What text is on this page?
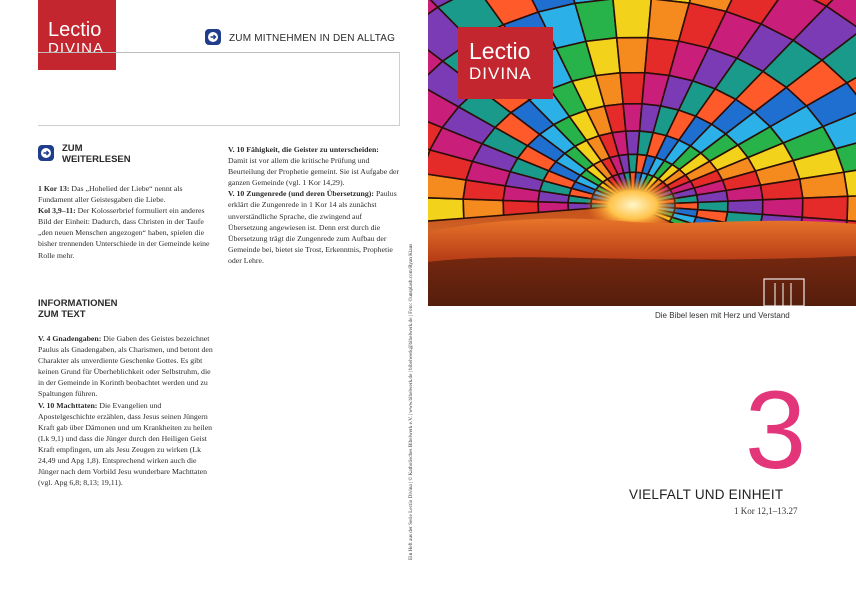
Lectio
DIVINA
ZUM MITNEHMEN IN DEN ALLTAG
ZUM
WEITERLESEN
1 Kor 13: Das „Hohelied der Liebe“ nennt als Fundament aller Geistesgaben die Liebe.
Kol 3,9–11: Der Kolosserbrief formuliert ein anderes Bild der Einheit: Dadurch, dass Christen in der Taufe „den neuen Menschen angezogen“ haben, spielen die bisher trennenden Unterschiede in der Gemeinde keine Rolle mehr.
INFORMATIONEN
ZUM TEXT
V. 4 Gnadengaben: Die Gaben des Geistes bezeichnet Paulus als Gnadengaben, als Charismen, und betont den Charakter als unverdiente Geschenke Gottes. Es gibt keinen Grund für Überheblichkeit oder Selbstruhm, die in der Gemeinde in Korinth beobachtet werden und zu Spaltungen führen.
V. 10 Machttaten: Die Evangelien und Apostelgeschichte erzählen, dass Jesus seinen Jüngern Kraft gab über Dämonen und um Krankheiten zu heilen (Lk 9,1) und dass die Jünger durch den Heiligen Geist Kraft empfingen, um als Jesu Zeugen zu wirken (Lk 24,49 und Apg 1,8). Entsprechend wirken auch die Jünger nach dem Vorbild Jesu wunderbare Machttaten (vgl. Apg 6,8; 8,13; 19,11).
V. 10 Fähigkeit, die Geister zu unterscheiden: Damit ist vor allem die kritische Prüfung und Beurteilung der Prophetie gemeint. Sie ist Aufgabe der ganzen Gemeinde (vgl. 1 Kor 14,29).
V. 10 Zungenrede (und deren Übersetzung): Paulus erklärt die Zungenrede in 1 Kor 14 als zunächst unverständliche Sprache, die zwingend auf Übersetzung angewiesen ist. Denn erst durch die Übersetzung trägt die Zungenrede zum Aufbau der Gemeinde bei, bietet sie Trost, Erkenntnis, Prophetie oder Lehre.	Ein Heft aus der Serie Lectio Divina | © Katholisches Bibelwerk e.V. | www.bibelwerk.de | bibelwerk@bibelwerk.de | Foto: ©unsplash.com/Ryan Klaus
Lectio
DIVINA
Die Bibel lesen mit Herz und Verstand
3
VIELFALT UND EINHEIT
1 Kor 12,1–13.27
